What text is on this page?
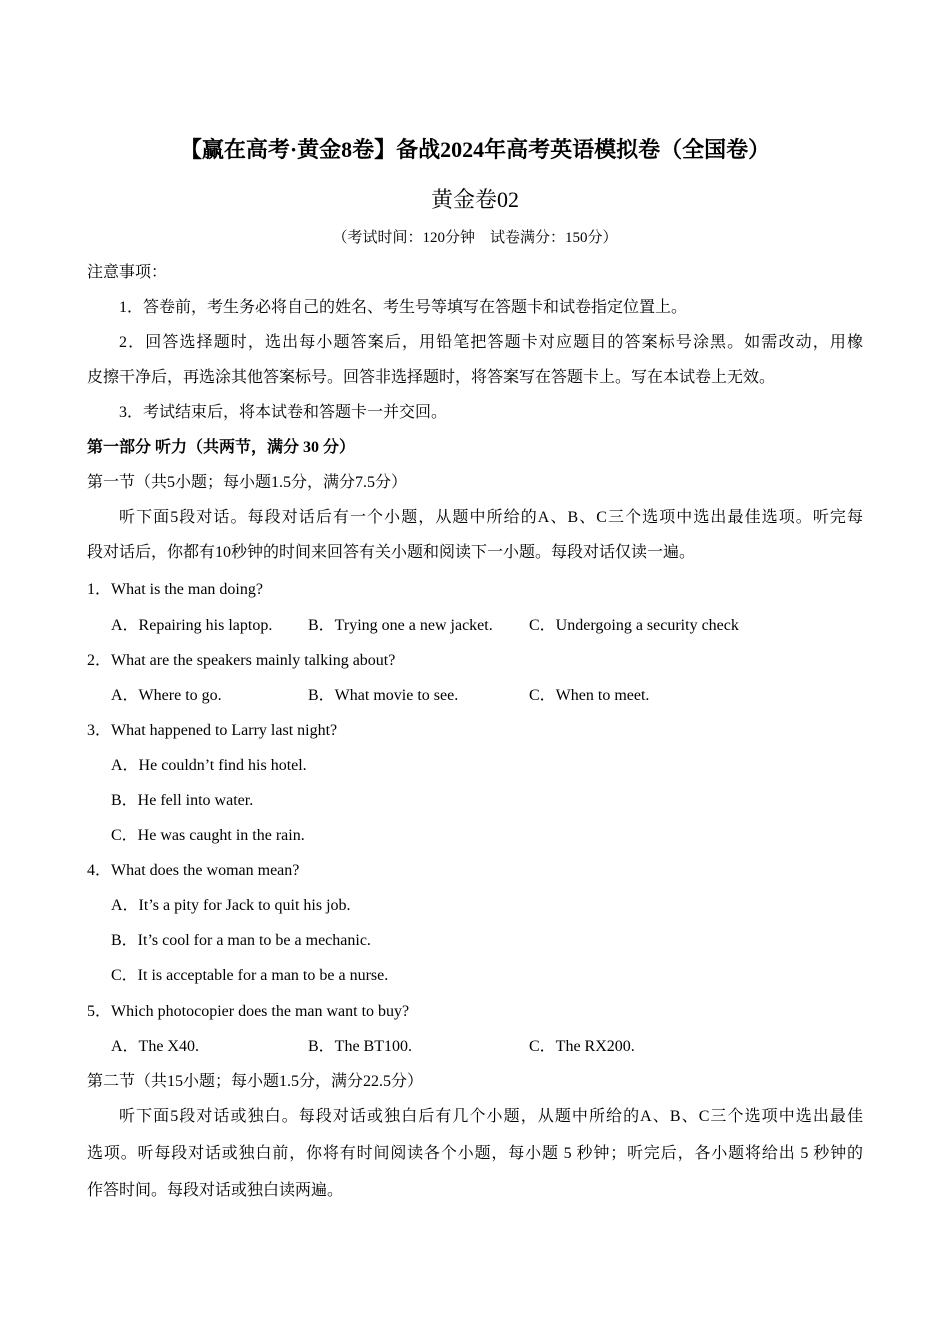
【赢在高考·黄金8卷】备战2024年高考英语模拟卷（全国卷）
黄金卷02
（考试时间：120分钟　试卷满分：150分）
注意事项：
1．答卷前，考生务必将自己的姓名、考生号等填写在答题卡和试卷指定位置上。
2．回答选择题时，选出每小题答案后，用铅笔把答题卡对应题目的答案标号涂黑。如需改动，用橡
皮擦干净后，再选涂其他答案标号。回答非选择题时，将答案写在答题卡上。写在本试卷上无效。
3．考试结束后，将本试卷和答题卡一并交回。
第一部分 听力（共两节，满分 30 分）
第一节（共5小题；每小题1.5分，满分7.5分）
听下面5段对话。每段对话后有一个小题，从题中所给的A、B、C三个选项中选出最佳选项。听完每
段对话后，你都有10秒钟的时间来回答有关小题和阅读下一小题。每段对话仅读一遍。
1．What is the man doing?
A．Repairing his laptop. B．Trying one a new jacket. C．Undergoing a security check
2．What are the speakers mainly talking about?
A．Where to go.	B．What movie to see.	C．When to meet.
3．What happened to Larry last night?
A．He couldn’t find his hotel.
B．He fell into water.
C．He was caught in the rain.
4．What does the woman mean?
A．It’s a pity for Jack to quit his job.
B．It’s cool for a man to be a mechanic.
C．It is acceptable for a man to be a nurse.
5．Which photocopier does the man want to buy?
A．The X40.	B．The BT100.	C．The RX200.
第二节（共15小题；每小题1.5分，满分22.5分）
听下面5段对话或独白。每段对话或独白后有几个小题，从题中所给的A、B、C三个选项中选出最佳
选项。听每段对话或独白前，你将有时间阅读各个小题，每小题 5 秒钟；听完后，各小题将给出 5 秒钟的
作答时间。每段对话或独白读两遍。
